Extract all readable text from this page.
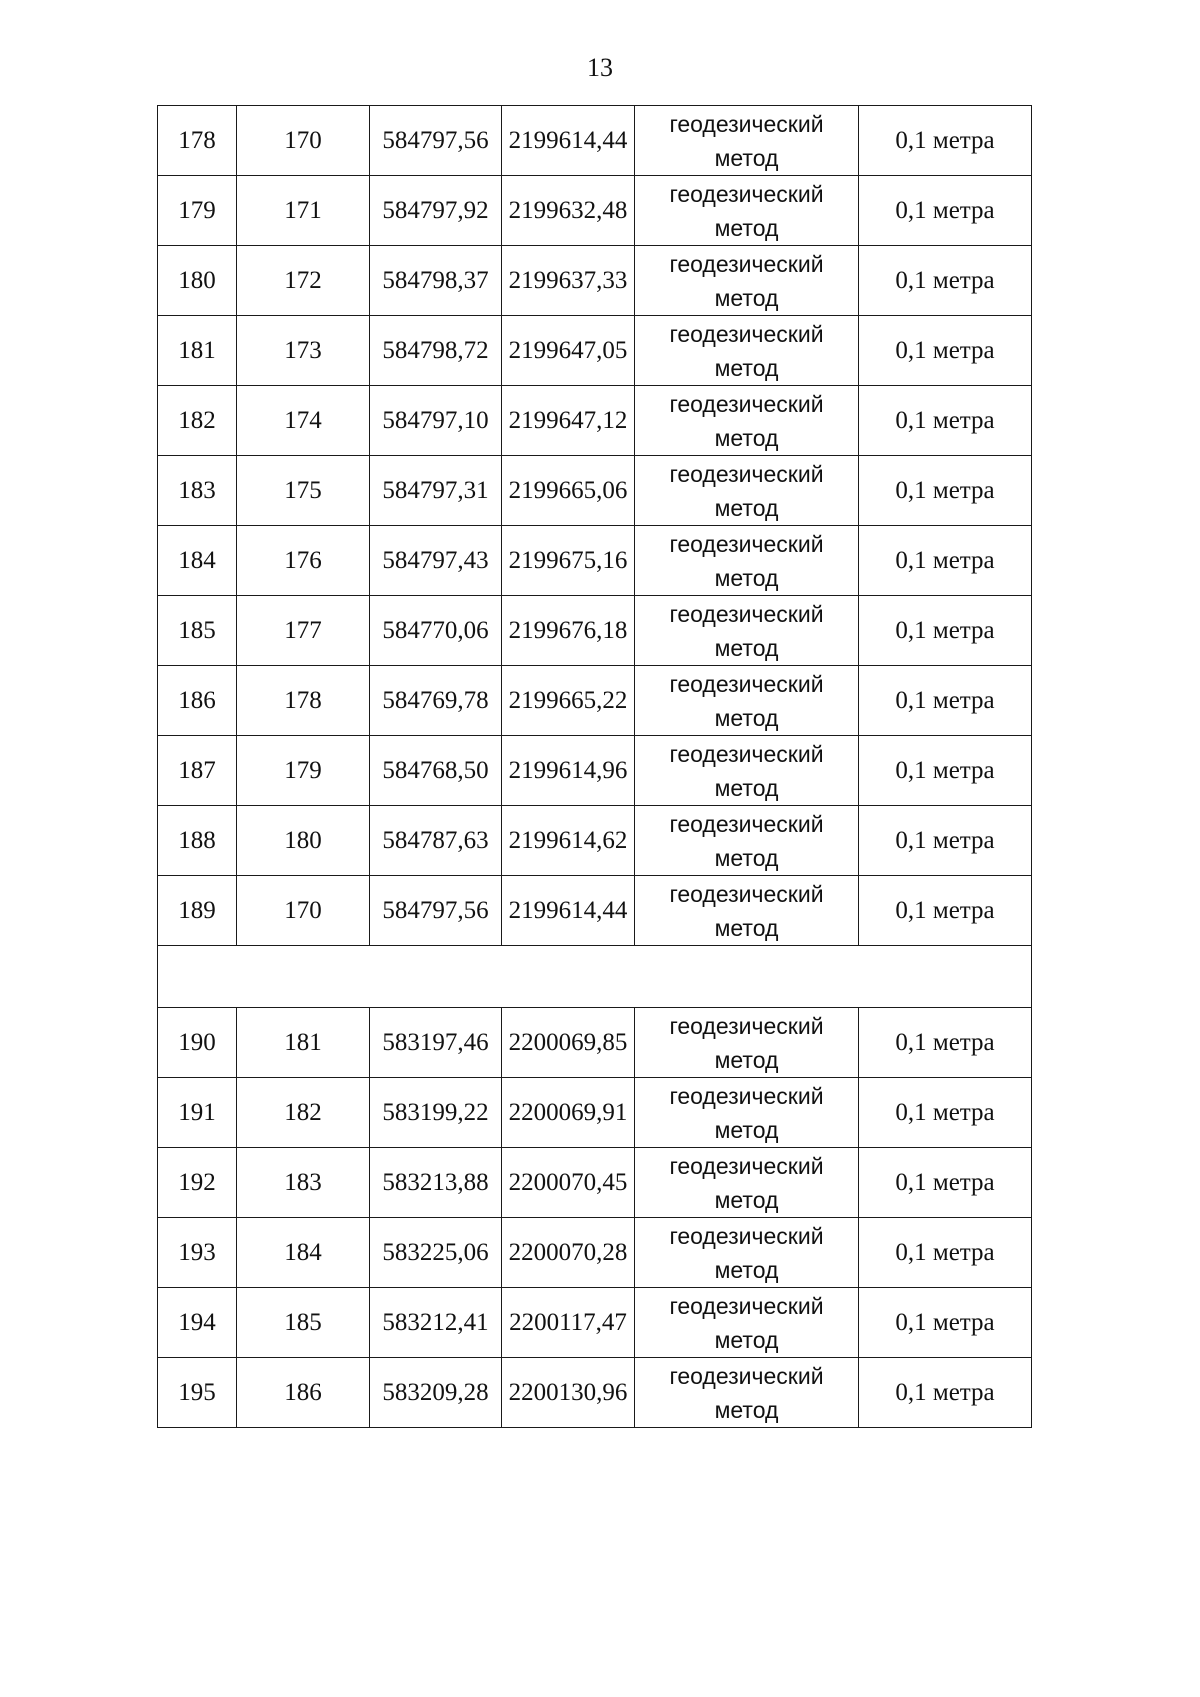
13
178	170	584797,56	2199614,44	геодезический
метод	0,1 метра
179	171	584797,92	2199632,48	геодезический
метод	0,1 метра
180	172	584798,37	2199637,33	геодезический
метод	0,1 метра
181	173	584798,72	2199647,05	геодезический
метод	0,1 метра
182	174	584797,10	2199647,12	геодезический
метод	0,1 метра
183	175	584797,31	2199665,06	геодезический
метод	0,1 метра
184	176	584797,43	2199675,16	геодезический
метод	0,1 метра
185	177	584770,06	2199676,18	геодезический
метод	0,1 метра
186	178	584769,78	2199665,22	геодезический
метод	0,1 метра
187	179	584768,50	2199614,96	геодезический
метод	0,1 метра
188	180	584787,63	2199614,62	геодезический
метод	0,1 метра
189	170	584797,56	2199614,44	геодезический
метод	0,1 метра

190	181	583197,46	2200069,85	геодезический
метод	0,1 метра
191	182	583199,22	2200069,91	геодезический
метод	0,1 метра
192	183	583213,88	2200070,45	геодезический
метод	0,1 метра
193	184	583225,06	2200070,28	геодезический
метод	0,1 метра
194	185	583212,41	2200117,47	геодезический
метод	0,1 метра
195	186	583209,28	2200130,96	геодезический
метод	0,1 метра
